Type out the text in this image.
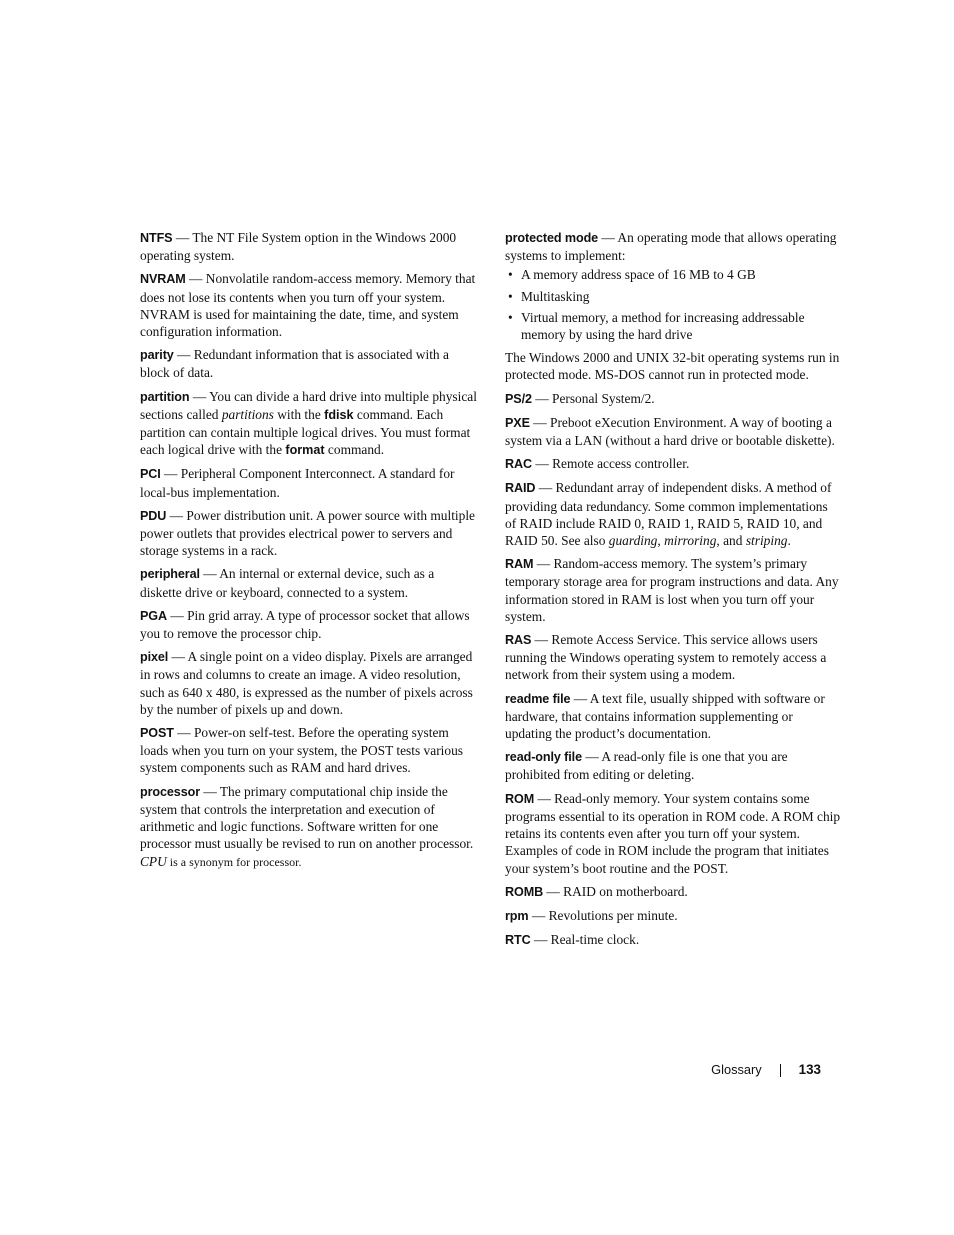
NTFS — The NT File System option in the Windows 2000 operating system.

NVRAM — Nonvolatile random-access memory. Memory that does not lose its contents when you turn off your system. NVRAM is used for maintaining the date, time, and system configuration information.

parity — Redundant information that is associated with a block of data.

partition — You can divide a hard drive into multiple physical sections called partitions with the fdisk command. Each partition can contain multiple logical drives. You must format each logical drive with the format command.

PCI — Peripheral Component Interconnect. A standard for local-bus implementation.

PDU — Power distribution unit. A power source with multiple power outlets that provides electrical power to servers and storage systems in a rack.

peripheral — An internal or external device, such as a diskette drive or keyboard, connected to a system.

PGA — Pin grid array. A type of processor socket that allows you to remove the processor chip.

pixel — A single point on a video display. Pixels are arranged in rows and columns to create an image. A video resolution, such as 640 x 480, is expressed as the number of pixels across by the number of pixels up and down.

POST — Power-on self-test. Before the operating system loads when you turn on your system, the POST tests various system components such as RAM and hard drives.

processor — The primary computational chip inside the system that controls the interpretation and execution of arithmetic and logic functions. Software written for one processor must usually be revised to run on another processor. CPU is a synonym for processor.

protected mode — An operating mode that allows operating systems to implement:

• A memory address space of 16 MB to 4 GB
• Multitasking
• Virtual memory, a method for increasing addressable memory by using the hard drive

The Windows 2000 and UNIX 32-bit operating systems run in protected mode. MS-DOS cannot run in protected mode.

PS/2 — Personal System/2.

PXE — Preboot eXecution Environment. A way of booting a system via a LAN (without a hard drive or bootable diskette).

RAC — Remote access controller.

RAID — Redundant array of independent disks. A method of providing data redundancy. Some common implementations of RAID include RAID 0, RAID 1, RAID 5, RAID 10, and RAID 50. See also guarding, mirroring, and striping.

RAM — Random-access memory. The system’s primary temporary storage area for program instructions and data. Any information stored in RAM is lost when you turn off your system.

RAS — Remote Access Service. This service allows users running the Windows operating system to remotely access a network from their system using a modem.

readme file — A text file, usually shipped with software or hardware, that contains information supplementing or updating the product’s documentation.

read-only file — A read-only file is one that you are prohibited from editing or deleting.

ROM — Read-only memory. Your system contains some programs essential to its operation in ROM code. A ROM chip retains its contents even after you turn off your system. Examples of code in ROM include the program that initiates your system’s boot routine and the POST.

ROMB — RAID on motherboard.

rpm — Revolutions per minute.

RTC — Real-time clock.

Glossary	133
